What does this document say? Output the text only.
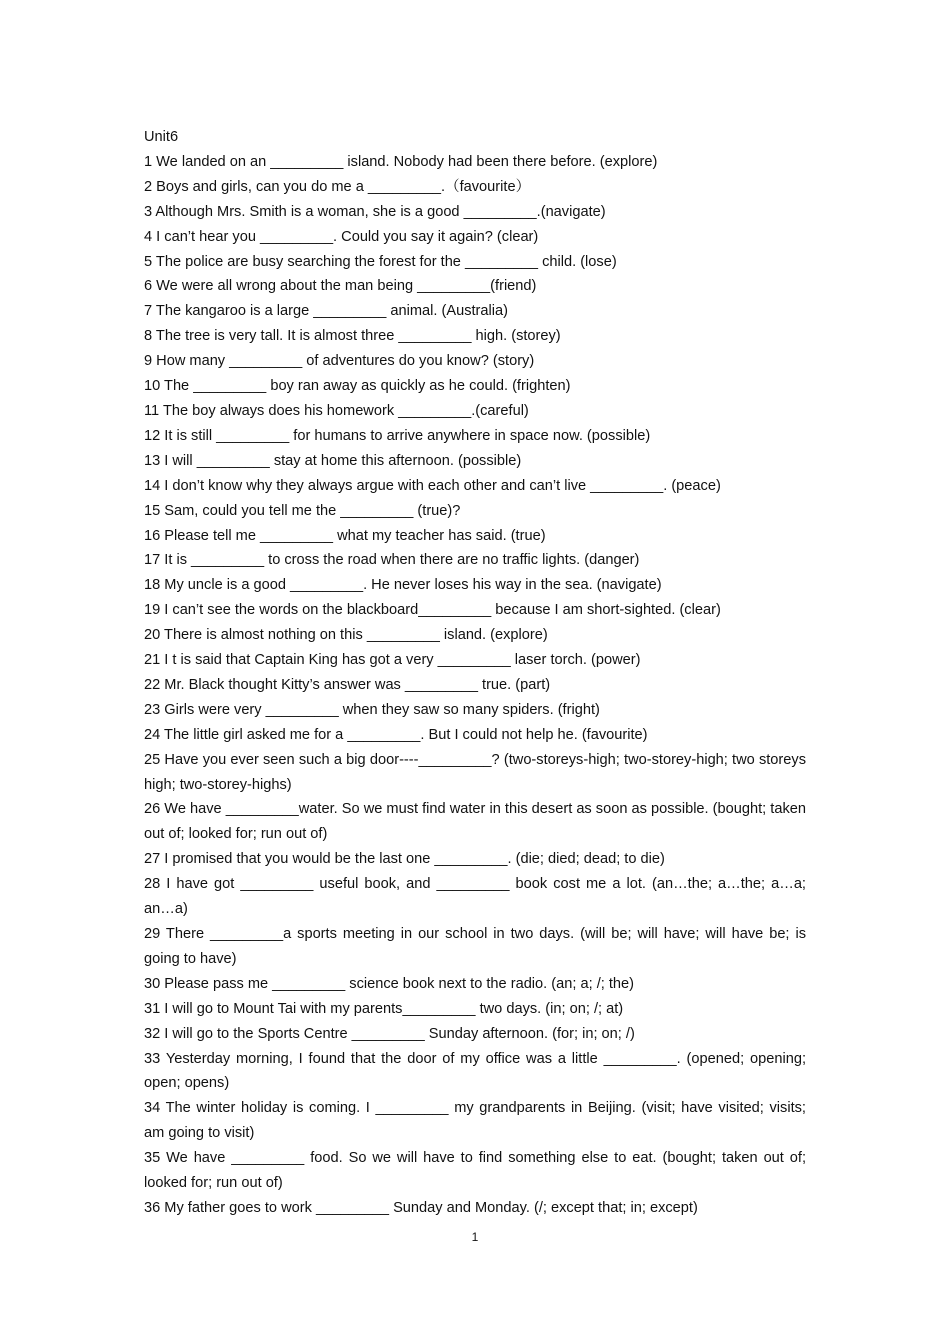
Unit6
1 We landed on an _________ island. Nobody had been there before. (explore)
2 Boys and girls, can you do me a _________.（favourite）
3 Although Mrs. Smith is a woman, she is a good _________.(navigate)
4 I can’t hear you _________. Could you say it again? (clear)
5 The police are busy searching the forest for the _________ child. (lose)
6 We were all wrong about the man being _________(friend)
7 The kangaroo is a large _________ animal. (Australia)
8 The tree is very tall. It is almost three _________ high. (storey)
9 How many _________ of adventures do you know? (story)
10 The _________ boy ran away as quickly as he could. (frighten)
11 The boy always does his homework _________.(careful)
12 It is still _________ for humans to arrive anywhere in space now. (possible)
13 I will _________ stay at home this afternoon. (possible)
14 I don’t know why they always argue with each other and can’t live _________. (peace)
15 Sam, could you tell me the _________ (true)?
16 Please tell me _________ what my teacher has said. (true)
17 It is _________ to cross the road when there are no traffic lights. (danger)
18 My uncle is a good _________. He never loses his way in the sea. (navigate)
19 I can’t see the words on the blackboard_________ because I am short-sighted. (clear)
20 There is almost nothing on this _________ island. (explore)
21 I t is said that Captain King has got a very _________ laser torch. (power)
22 Mr. Black thought Kitty’s answer was _________ true. (part)
23 Girls were very _________ when they saw so many spiders. (fright)
24 The little girl asked me for a _________. But I could not help he. (favourite)
25 Have you ever seen such a big door----_________? (two-storeys-high; two-storey-high; two storeys high; two-storey-highs)
26 We have _________water. So we must find water in this desert as soon as possible. (bought; taken out of; looked for; run out of)
27 I promised that you would be the last one _________. (die; died; dead; to die)
28 I have got _________ useful book, and _________ book cost me a lot. (an…the; a…the; a…a; an…a)
29 There _________a sports meeting in our school in two days. (will be; will have; will have be; is going to have)
30 Please pass me _________ science book next to the radio. (an; a; /; the)
31 I will go to Mount Tai with my parents_________ two days. (in; on; /; at)
32 I will go to the Sports Centre _________ Sunday afternoon. (for; in; on; /)
33 Yesterday morning, I found that the door of my office was a little _________. (opened; opening; open; opens)
34 The winter holiday is coming. I _________ my grandparents in Beijing. (visit; have visited; visits; am going to visit)
35 We have _________ food. So we will have to find something else to eat. (bought; taken out of; looked for; run out of)
36 My father goes to work _________ Sunday and Monday. (/; except that; in; except)
1
